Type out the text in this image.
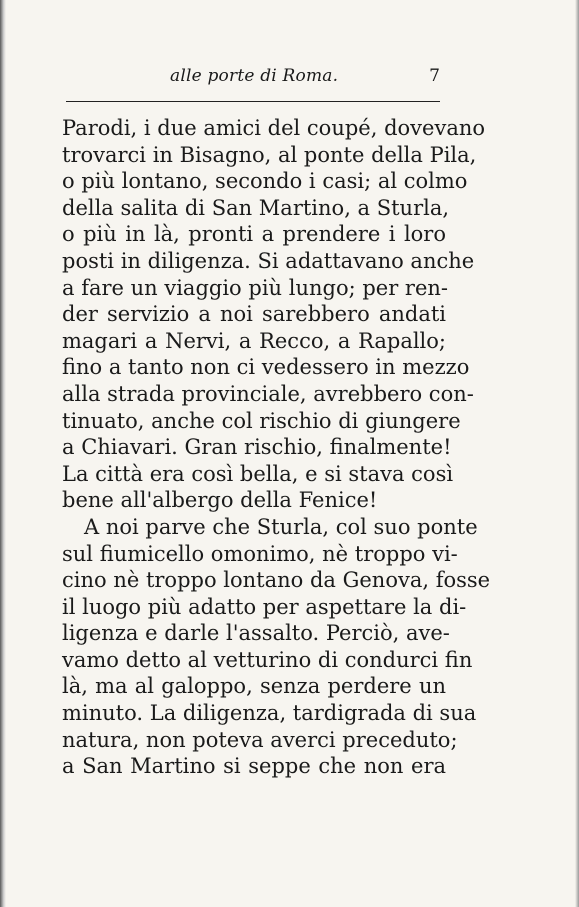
alle porte di Roma.	7
Parodi, i due amici del coupé, dovevano
trovarci in Bisagno, al ponte della Pila,
o più lontano, secondo i casi; al colmo
della salita di San Martino, a Sturla,
o più in là, pronti a prendere i loro
posti in diligenza. Si adattavano anche
a fare un viaggio più lungo; per ren-
der servizio a noi sarebbero andati
magari a Nervi, a Recco, a Rapallo;
fino a tanto non ci vedessero in mezzo
alla strada provinciale, avrebbero con-
tinuato, anche col rischio di giungere
a Chiavari. Gran rischio, finalmente!
La città era così bella, e si stava così
bene all'albergo della Fenice!
A noi parve che Sturla, col suo ponte
sul fiumicello omonimo, nè troppo vi-
cino nè troppo lontano da Genova, fosse
il luogo più adatto per aspettare la di-
ligenza e darle l'assalto. Perciò, ave-
vamo detto al vetturino di condurci fin
là, ma al galoppo, senza perdere un
minuto. La diligenza, tardigrada di sua
natura, non poteva averci preceduto;
a San Martino si seppe che non era
